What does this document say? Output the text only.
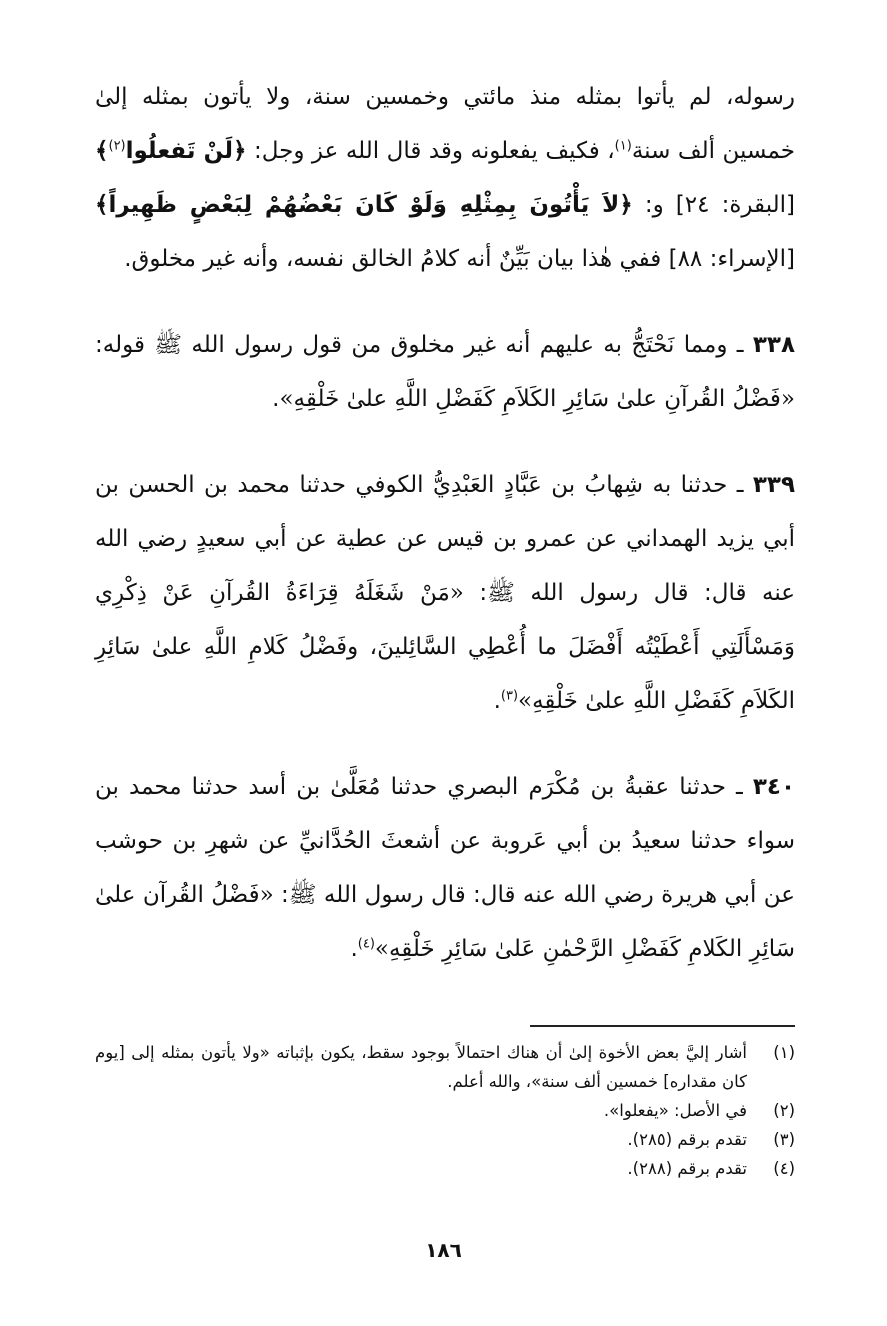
رسوله، لم يأتوا بمثله منذ مائتي وخمسين سنة، ولا يأتون بمثله إلىٰ خمسين ألف سنة$^{(١)}$، فكيف يفعلونه وقد قال الله عز وجل: ﴿لَنْ تَفعلُوا$^{(٢)}$﴾ [البقرة: ٢٤] و: ﴿لاَ يَأْتُونَ بِمِثْلِهِ وَلَوْ كَانَ بَعْضُهُمْ لِبَعْضٍ ظَهِيراً﴾ [الإسراء: ٨٨] ففي هٰذا بيان بَيِّنٌ أنه كلامُ الخالق نفسه، وأنه غير مخلوق.

٣٣٨ ـ ومما نَحْتَجُّ به عليهم أنه غير مخلوق من قول رسول الله ﷺ قوله: «فَضْلُ القُرآنِ علىٰ سَائِرِ الكَلاَمِ كَفَضْلِ اللَّهِ علىٰ خَلْقِهِ».

٣٣٩ ـ حدثنا به شِهابُ بن عَبَّادٍ العَبْدِيُّ الكوفي حدثنا محمد بن الحسن بن أبي يزيد الهمداني عن عمرو بن قيس عن عطية عن أبي سعيدٍ رضي الله عنه قال: قال رسول الله ﷺ: «مَنْ شَغَلَهُ قِرَاءَةُ القُرآنِ عَنْ ذِكْرِي وَمَسْأَلَتِي أَعْطَيْتُه أَفْضَلَ ما أُعْطِي السَّائِلينَ، وفَضْلُ كَلامِ اللَّهِ علىٰ سَائِرِ الكَلاَمِ كَفَضْلِ اللَّهِ علىٰ خَلْقِهِ»$^{(٣)}$.

٣٤٠ ـ حدثنا عقبةُ بن مُكْرَم البصري حدثنا مُعَلَّىٰ بن أسد حدثنا محمد بن سواء حدثنا سعيدُ بن أبي عَروبة عن أشعثَ الحُدَّانيِّ عن شهرِ بن حوشب عن أبي هريرة رضي الله عنه قال: قال رسول الله ﷺ: «فَضْلُ القُرآن علىٰ سَائِرِ الكَلامِ كَفَضْلِ الرَّحْمٰنِ عَلىٰ سَائِرِ خَلْقِهِ»$^{(٤)}$.

(١)
أشار إليَّ بعض الأخوة إلىٰ أن هناك احتمالاً بوجود سقط، يكون بإثباته «ولا يأتون بمثله إلى [يوم كان مقداره] خمسين ألف سنة»، والله أعلم.
(٢)
في الأصل: «يفعلوا».
(٣)
تقدم برقم (٢٨٥).
(٤)
تقدم برقم (٢٨٨).
١٨٦
